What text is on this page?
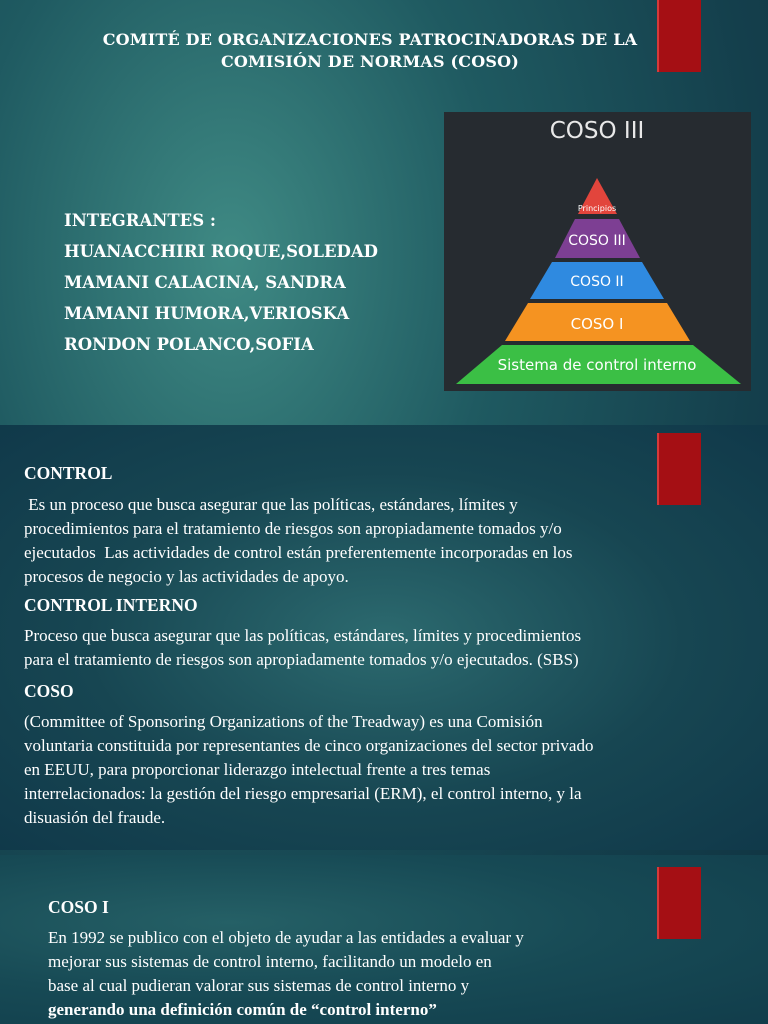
COMITÉ DE ORGANIZACIONES PATROCINADORAS DE LA
COMISIÓN DE NORMAS (COSO)
INTEGRANTES :
HUANACCHIRI ROQUE,SOLEDAD
MAMANI CALACINA, SANDRA
MAMANI HUMORA,VERIOSKA
RONDON POLANCO,SOFIA
COSO III
Principios
COSO III
COSO II
COSO I
Sistema de control interno
CONTROL
Es un proceso que busca asegurar que las políticas, estándares, límites y
procedimientos para el tratamiento de riesgos son apropiadamente tomados y/o
ejecutados  Las actividades de control están preferentemente incorporadas en los
procesos de negocio y las actividades de apoyo.
CONTROL INTERNO
Proceso que busca asegurar que las políticas, estándares, límites y procedimientos
para el tratamiento de riesgos son apropiadamente tomados y/o ejecutados. (SBS)
COSO
(Committee of Sponsoring Organizations of the Treadway) es una Comisión
voluntaria constituida por representantes de cinco organizaciones del sector privado
en EEUU, para proporcionar liderazgo intelectual frente a tres temas
interrelacionados: la gestión del riesgo empresarial (ERM), el control interno, y la
disuasión del fraude.
COSO I
En 1992 se publico con el objeto de ayudar a las entidades a evaluar y
mejorar sus sistemas de control interno, facilitando un modelo en
base al cual pudieran valorar sus sistemas de control interno y
generando una definición común de “control interno”
